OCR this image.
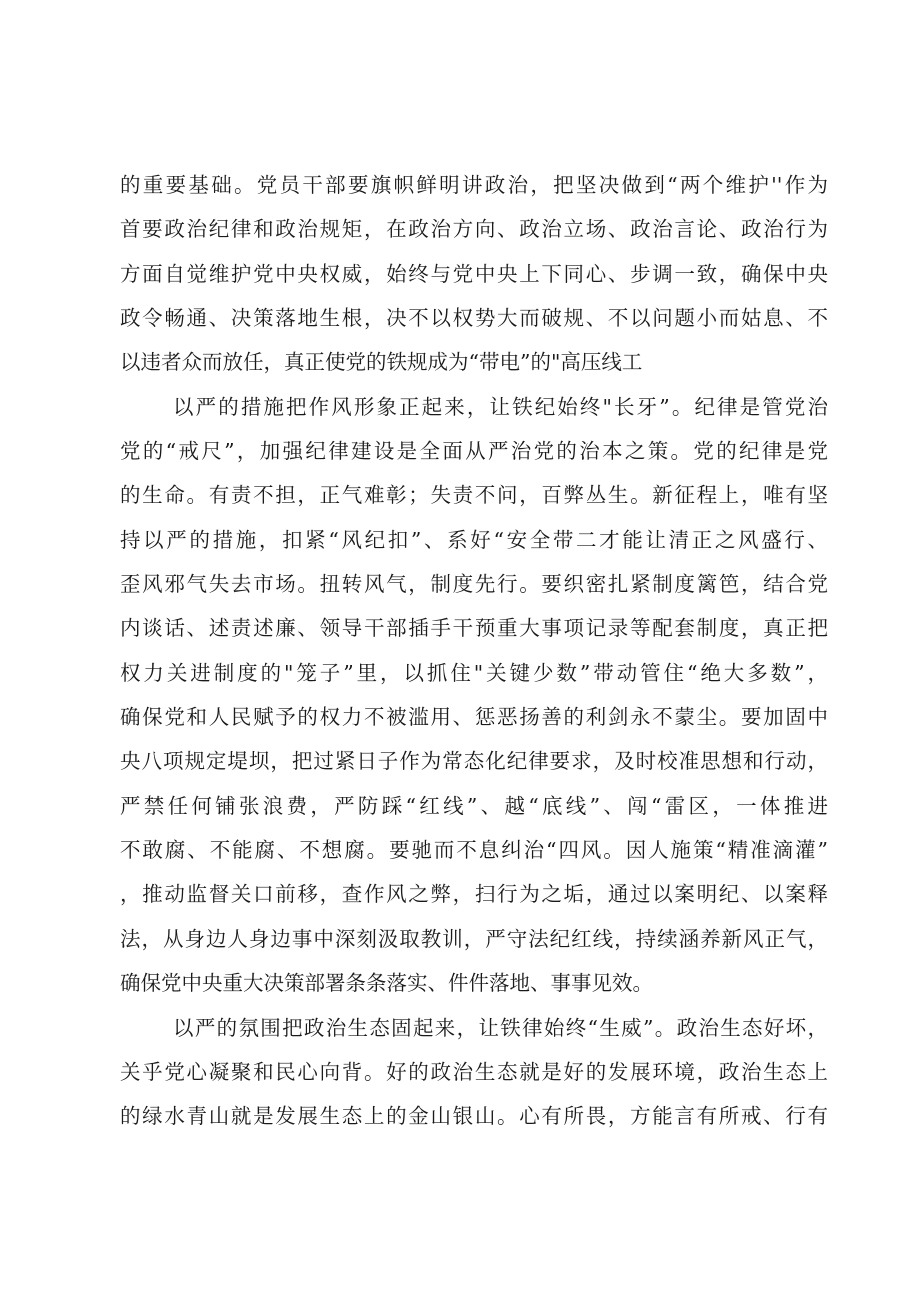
的重要基础。党员干部要旗帜鲜明讲政治，把坚决做到“两个维护''作为
首要政治纪律和政治规矩，在政治方向、政治立场、政治言论、政治行为
方面自觉维护党中央权威，始终与党中央上下同心、步调一致，确保中央
政令畅通、决策落地生根，决不以权势大而破规、不以问题小而姑息、不
以违者众而放任，真正使党的铁规成为“带电”的"高压线工
以严的措施把作风形象正起来，让铁纪始终"长牙”。纪律是管党治
党的“戒尺”，加强纪律建设是全面从严治党的治本之策。党的纪律是党
的生命。有责不担，正气难彰；失责不问，百弊丛生。新征程上，唯有坚
持以严的措施，扣紧“风纪扣”、系好“安全带二才能让清正之风盛行、
歪风邪气失去市场。扭转风气，制度先行。要织密扎紧制度篱笆，结合党
内谈话、述责述廉、领导干部插手干预重大事项记录等配套制度，真正把
权力关进制度的"笼子”里，以抓住"关键少数”带动管住“绝大多数”，
确保党和人民赋予的权力不被滥用、惩恶扬善的利剑永不蒙尘。要加固中
央八项规定堤坝，把过紧日子作为常态化纪律要求，及时校准思想和行动，
严禁任何铺张浪费，严防踩“红线”、越“底线”、闯“雷区，一体推进
不敢腐、不能腐、不想腐。要驰而不息纠治“四风。因人施策“精准滴灌”
，推动监督关口前移，查作风之弊，扫行为之垢，通过以案明纪、以案释
法，从身边人身边事中深刻汲取教训，严守法纪红线，持续涵养新风正气，
确保党中央重大决策部署条条落实、件件落地、事事见效。
以严的氛围把政治生态固起来，让铁律始终“生威”。政治生态好坏，
关乎党心凝聚和民心向背。好的政治生态就是好的发展环境，政治生态上
的绿水青山就是发展生态上的金山银山。心有所畏，方能言有所戒、行有
